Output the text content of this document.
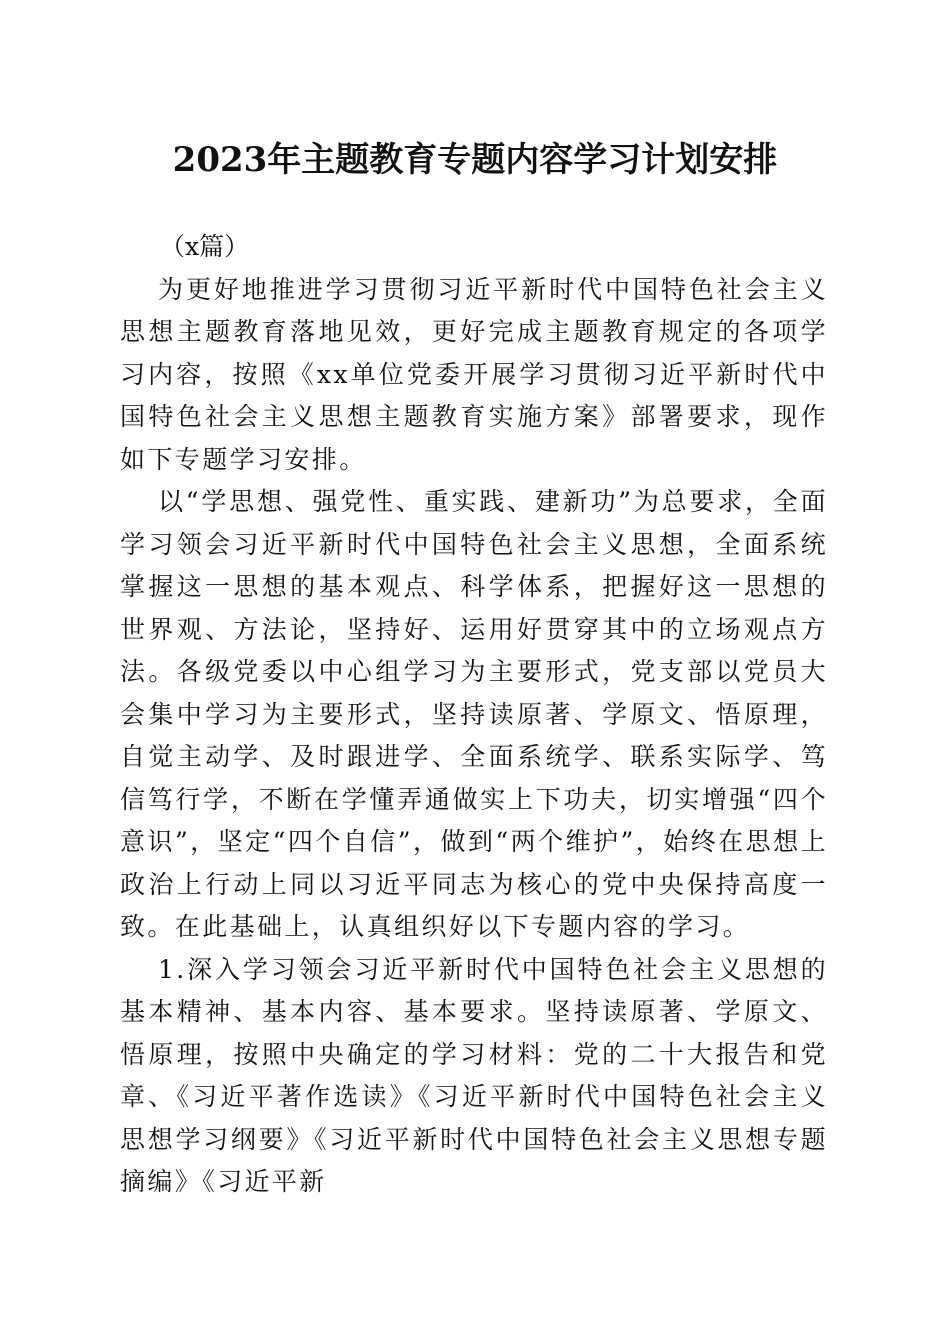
2023年主题教育专题内容学习计划安排

（x篇）

为更好地推进学习贯彻习近平新时代中国特色社会主义思想主题教育落地见效，更好完成主题教育规定的各项学习内容，按照《xx单位党委开展学习贯彻习近平新时代中国特色社会主义思想主题教育实施方案》部署要求，现作如下专题学习安排。

以“学思想、强党性、重实践、建新功”为总要求，全面学习领会习近平新时代中国特色社会主义思想，全面系统掌握这一思想的基本观点、科学体系，把握好这一思想的世界观、方法论，坚持好、运用好贯穿其中的立场观点方法。各级党委以中心组学习为主要形式，党支部以党员大会集中学习为主要形式，坚持读原著、学原文、悟原理，自觉主动学、及时跟进学、全面系统学、联系实际学、笃信笃行学，不断在学懂弄通做实上下功夫，切实增强“四个意识”，坚定“四个自信”，做到“两个维护”，始终在思想上政治上行动上同以习近平同志为核心的党中央保持高度一致。在此基础上，认真组织好以下专题内容的学习。

1.深入学习领会习近平新时代中国特色社会主义思想的基本精神、基本内容、基本要求。坚持读原著、学原文、悟原理，按照中央确定的学习材料：党的二十大报告和党章、《习近平著作选读》《习近平新时代中国特色社会主义思想学习纲要》《习近平新时代中国特色社会主义思想专题摘编》《习近平新
